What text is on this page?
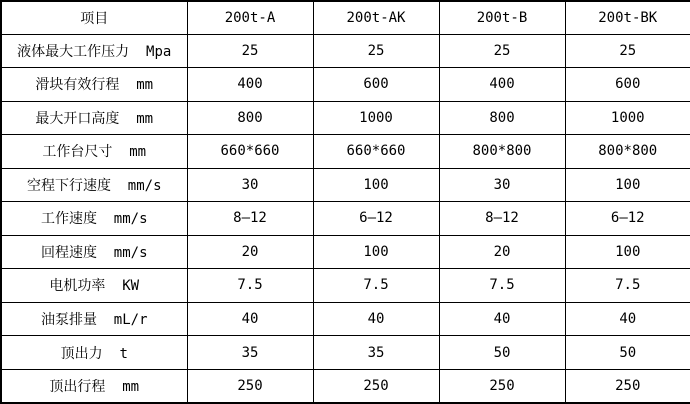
项目	200t-A	200t-AK	200t-B	200t-BK
液体最大工作压力  Mpa	25	25	25	25
滑块有效行程  mm	400	600	400	600
最大开口高度  mm	800	1000	800	1000
工作台尺寸  mm	660*660	660*660	800*800	800*800
空程下行速度  mm/s	30	100	30	100
工作速度  mm/s	8—12	6—12	8—12	6—12
回程速度  mm/s	20	100	20	100
电机功率  KW	7.5	7.5	7.5	7.5
油泵排量  mL/r	40	40	40	40
顶出力  t	35	35	50	50
顶出行程  mm	250	250	250	250
